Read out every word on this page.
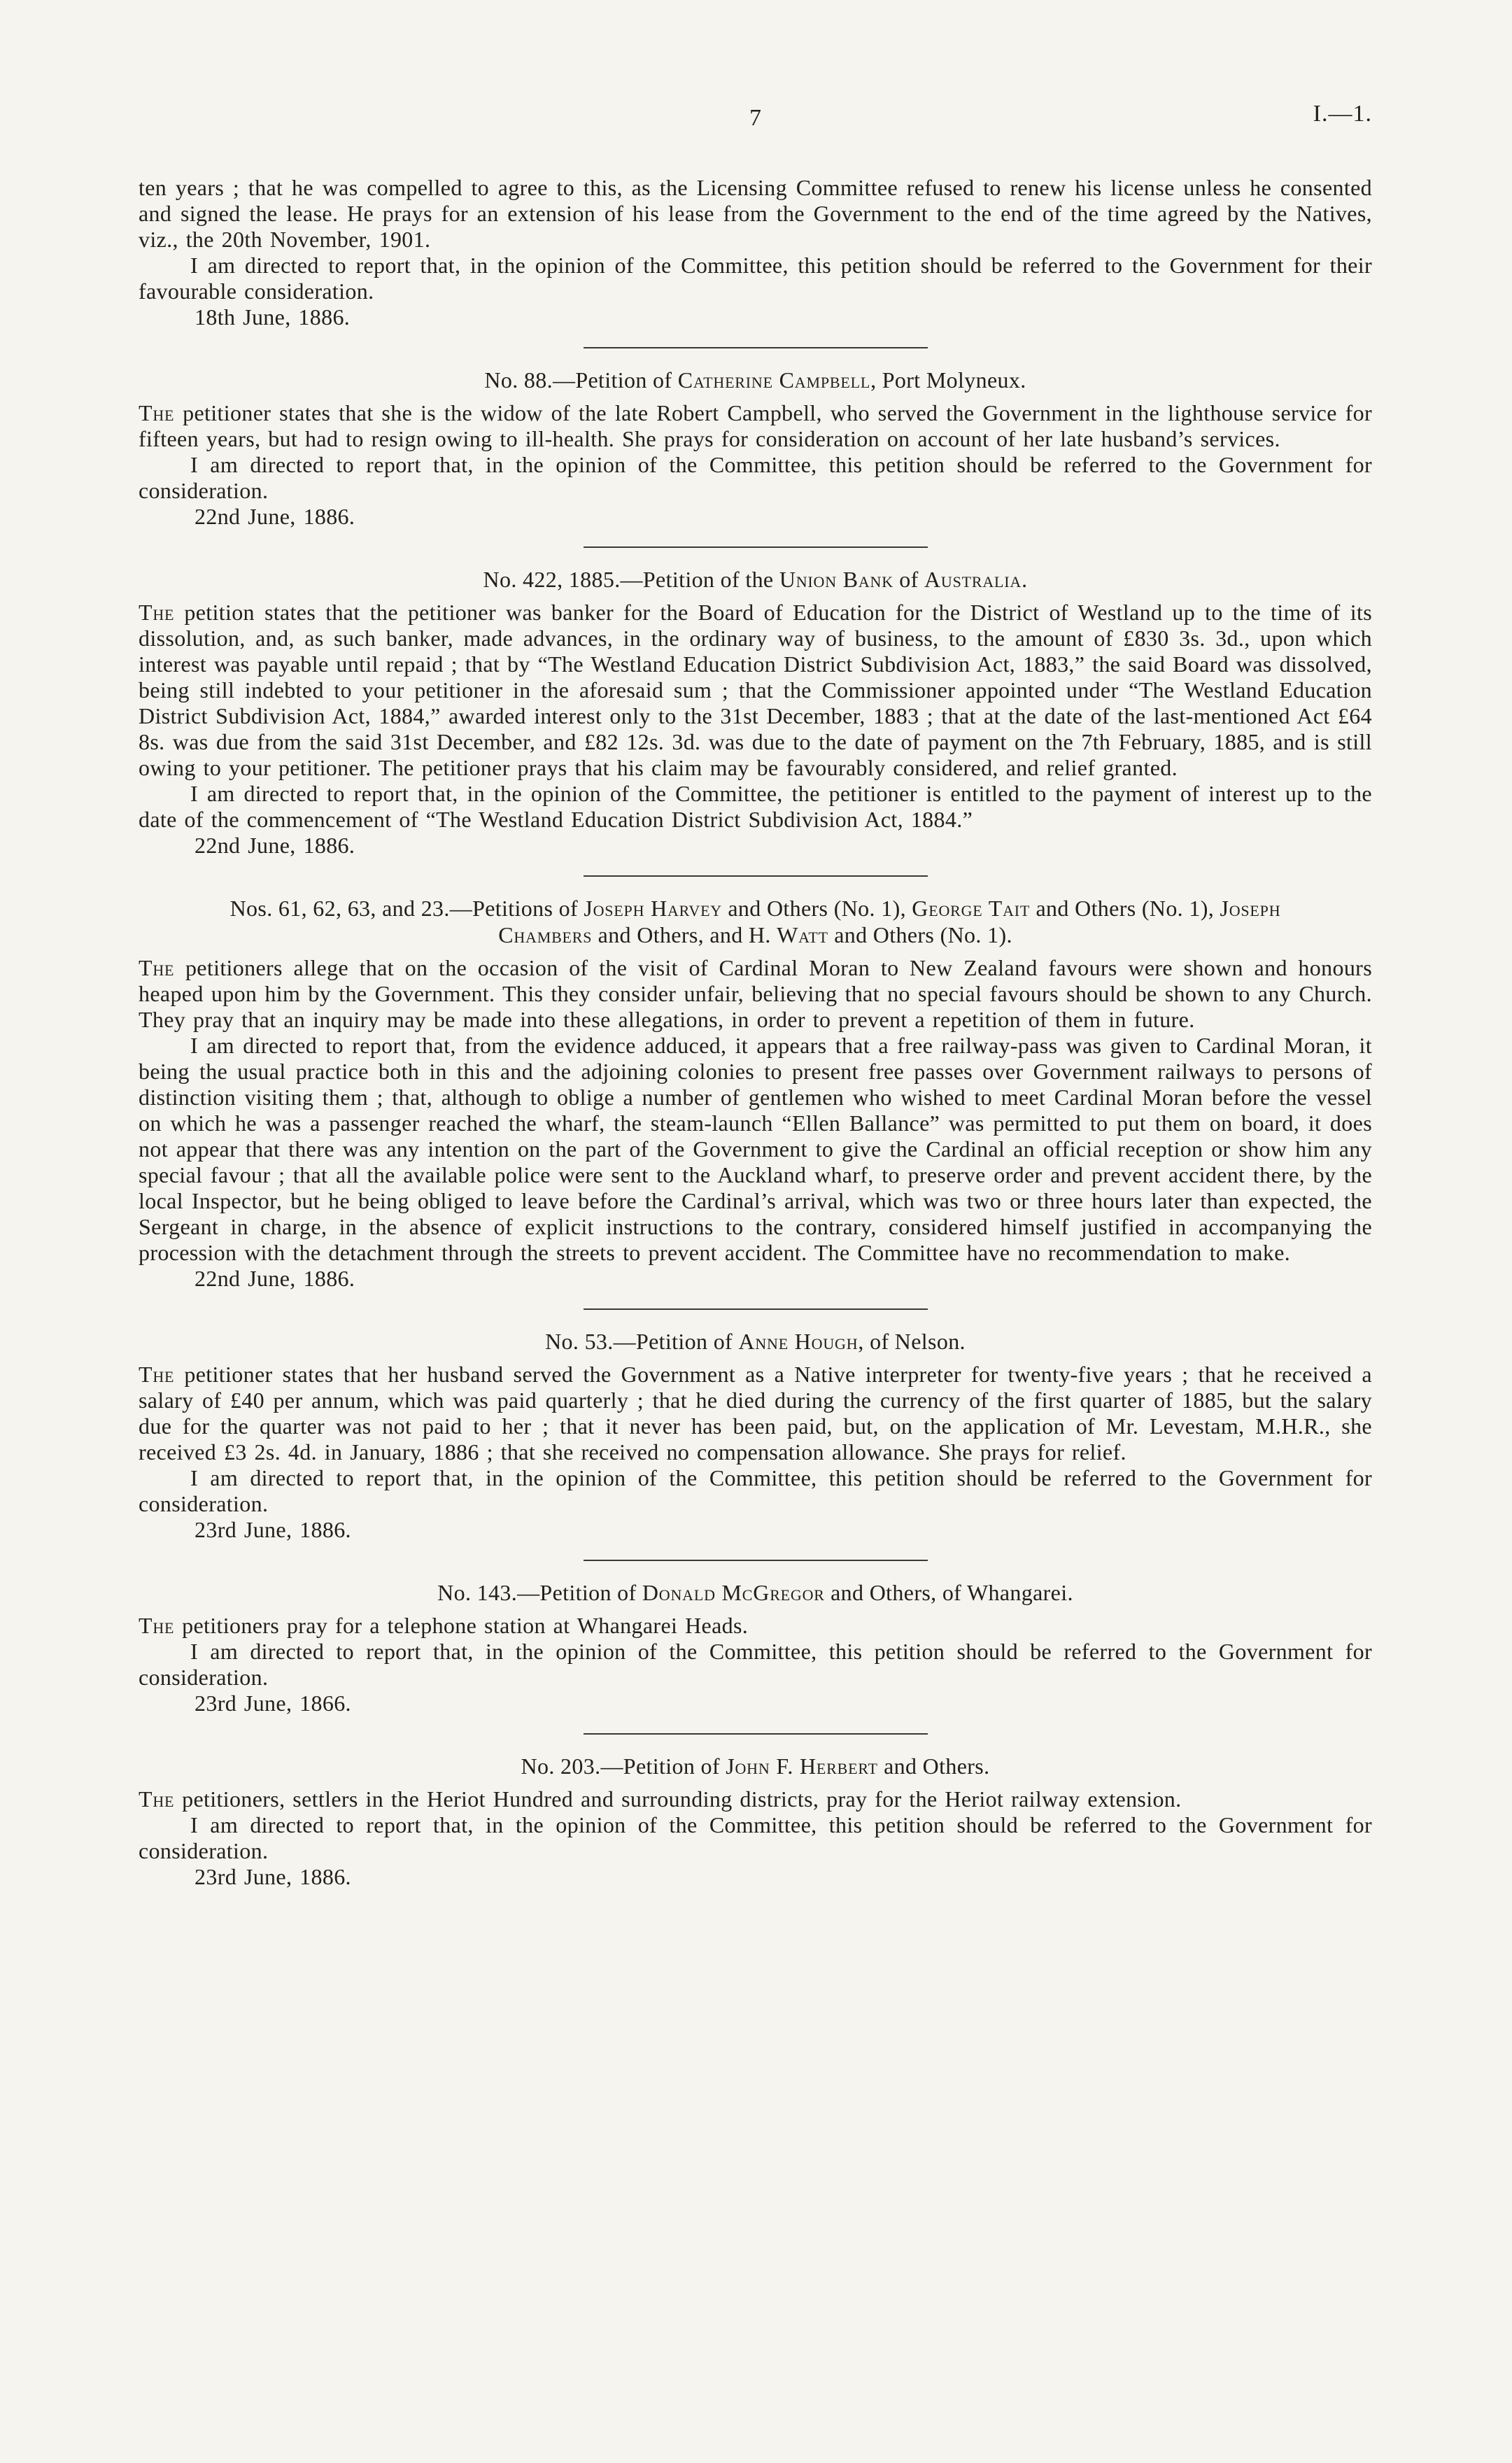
7	I.—1.

ten years ; that he was compelled to agree to this, as the Licensing Committee refused to renew his license unless he consented and signed the lease. He prays for an extension of his lease from the Government to the end of the time agreed by the Natives, viz., the 20th November, 1901.

I am directed to report that, in the opinion of the Committee, this petition should be referred to the Government for their favourable consideration.

18th June, 1886.

No. 88.—Petition of Catherine Campbell, Port Molyneux.

The petitioner states that she is the widow of the late Robert Campbell, who served the Government in the lighthouse service for fifteen years, but had to resign owing to ill-health. She prays for consideration on account of her late husband’s services.

I am directed to report that, in the opinion of the Committee, this petition should be referred to the Government for consideration.

22nd June, 1886.

No. 422, 1885.—Petition of the Union Bank of Australia.

The petition states that the petitioner was banker for the Board of Education for the District of Westland up to the time of its dissolution, and, as such banker, made advances, in the ordinary way of business, to the amount of £830 3s. 3d., upon which interest was payable until repaid ; that by “The Westland Education District Subdivision Act, 1883,” the said Board was dissolved, being still indebted to your petitioner in the aforesaid sum ; that the Commissioner appointed under “The Westland Education District Subdivision Act, 1884,” awarded interest only to the 31st December, 1883 ; that at the date of the last-mentioned Act £64 8s. was due from the said 31st December, and £82 12s. 3d. was due to the date of payment on the 7th February, 1885, and is still owing to your petitioner. The petitioner prays that his claim may be favourably considered, and relief granted.

I am directed to report that, in the opinion of the Committee, the petitioner is entitled to the payment of interest up to the date of the commencement of “The Westland Education District Subdivision Act, 1884.”

22nd June, 1886.

Nos. 61, 62, 63, and 23.—Petitions of Joseph Harvey and Others (No. 1), George Tait and Others (No. 1), Joseph Chambers and Others, and H. Watt and Others (No. 1).

The petitioners allege that on the occasion of the visit of Cardinal Moran to New Zealand favours were shown and honours heaped upon him by the Government. This they consider unfair, believing that no special favours should be shown to any Church. They pray that an inquiry may be made into these allegations, in order to prevent a repetition of them in future.

I am directed to report that, from the evidence adduced, it appears that a free railway-pass was given to Cardinal Moran, it being the usual practice both in this and the adjoining colonies to present free passes over Government railways to persons of distinction visiting them ; that, although to oblige a number of gentlemen who wished to meet Cardinal Moran before the vessel on which he was a passenger reached the wharf, the steam-launch “Ellen Ballance” was permitted to put them on board, it does not appear that there was any intention on the part of the Government to give the Cardinal an official reception or show him any special favour ; that all the available police were sent to the Auckland wharf, to preserve order and prevent accident there, by the local Inspector, but he being obliged to leave before the Cardinal’s arrival, which was two or three hours later than expected, the Sergeant in charge, in the absence of explicit instructions to the contrary, considered himself justified in accompanying the procession with the detachment through the streets to prevent accident. The Committee have no recommendation to make.

22nd June, 1886.

No. 53.—Petition of Anne Hough, of Nelson.

The petitioner states that her husband served the Government as a Native interpreter for twenty-five years ; that he received a salary of £40 per annum, which was paid quarterly ; that he died during the currency of the first quarter of 1885, but the salary due for the quarter was not paid to her ; that it never has been paid, but, on the application of Mr. Levestam, M.H.R., she received £3 2s. 4d. in January, 1886 ; that she received no compensation allowance. She prays for relief.

I am directed to report that, in the opinion of the Committee, this petition should be referred to the Government for consideration.

23rd June, 1886.

No. 143.—Petition of Donald McGregor and Others, of Whangarei.

The petitioners pray for a telephone station at Whangarei Heads.

I am directed to report that, in the opinion of the Committee, this petition should be referred to the Government for consideration.

23rd June, 1866.

No. 203.—Petition of John F. Herbert and Others.

The petitioners, settlers in the Heriot Hundred and surrounding districts, pray for the Heriot railway extension.

I am directed to report that, in the opinion of the Committee, this petition should be referred to the Government for consideration.

23rd June, 1886.
